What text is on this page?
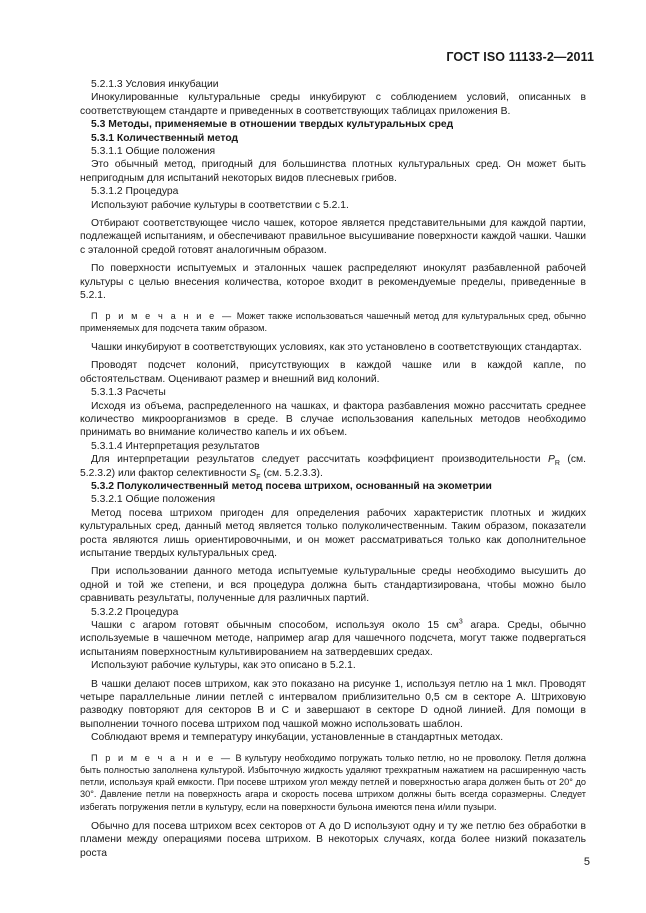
ГОСТ ISO 11133-2—2011

5.2.1.3 Условия инкубации

Инокулированные культуральные среды инкубируют с соблюдением условий, описанных в соответствующем стандарте и приведенных в соответствующих таблицах приложения В.

5.3 Методы, применяемые в отношении твердых культуральных сред

5.3.1 Количественный метод

5.3.1.1 Общие положения

Это обычный метод, пригодный для большинства плотных культуральных сред. Он может быть непригодным для испытаний некоторых видов плесневых грибов.

5.3.1.2 Процедура

Используют рабочие культуры в соответствии с 5.2.1.

Отбирают соответствующее число чашек, которое является представительными для каждой партии, подлежащей испытаниям, и обеспечивают правильное высушивание поверхности каждой чашки. Чашки с эталонной средой готовят аналогичным образом.

По поверхности испытуемых и эталонных чашек распределяют инокулят разбавленной рабочей культуры с целью внесения количества, которое входит в рекомендуемые пределы, приведенные в 5.2.1.

П р и м е ч а н и е — Может также использоваться чашечный метод для культуральных сред, обычно применяемых для подсчета таким образом.

Чашки инкубируют в соответствующих условиях, как это установлено в соответствующих стандартах.

Проводят подсчет колоний, присутствующих в каждой чашке или в каждой капле, по обстоятельствам. Оценивают размер и внешний вид колоний.

5.3.1.3 Расчеты

Исходя из объема, распределенного на чашках, и фактора разбавления можно рассчитать среднее количество микроорганизмов в среде. В случае использования капельных методов необходимо принимать во внимание количество капель и их объем.

5.3.1.4 Интерпретация результатов

Для интерпретации результатов следует рассчитать коэффициент производительности $P_R$ (см. 5.2.3.2) или фактор селективности $S_F$ (см. 5.2.3.3).

5.3.2 Полуколичественный метод посева штрихом, основанный на экометрии

5.3.2.1 Общие положения

Метод посева штрихом пригоден для определения рабочих характеристик плотных и жидких культуральных сред, данный метод является только полуколичественным. Таким образом, показатели роста являются лишь ориентировочными, и он может рассматриваться только как дополнительное испытание твердых культуральных сред.

При использовании данного метода испытуемые культуральные среды необходимо высушить до одной и той же степени, и вся процедура должна быть стандартизирована, чтобы можно было сравнивать результаты, полученные для различных партий.

5.3.2.2 Процедура

Чашки с агаром готовят обычным способом, используя около 15 $см^3$ агара. Среды, обычно используемые в чашечном методе, например агар для чашечного подсчета, могут также подвергаться испытаниям поверхностным культивированием на затвердевших средах.

Используют рабочие культуры, как это описано в 5.2.1.

В чашки делают посев штрихом, как это показано на рисунке 1, используя петлю на 1 мкл. Проводят четыре параллельные линии петлей с интервалом приблизительно 0,5 см в секторе А. Штриховую разводку повторяют для секторов В и С и завершают в секторе D одной линией. Для помощи в выполнении точного посева штрихом под чашкой можно использовать шаблон.

Соблюдают время и температуру инкубации, установленные в стандартных методах.

П р и м е ч а н и е — В культуру необходимо погружать только петлю, но не проволоку. Петля должна быть полностью заполнена культурой. Избыточную жидкость удаляют трехкратным нажатием на расширенную часть петли, используя край емкости. При посеве штрихом угол между петлей и поверхностью агара должен быть от 20° до 30°. Давление петли на поверхность агара и скорость посева штрихом должны быть всегда соразмерны. Следует избегать погружения петли в культуру, если на поверхности бульона имеются пена и/или пузыри.

Обычно для посева штрихом всех секторов от А до D используют одну и ту же петлю без обработки в пламени между операциями посева штрихом. В некоторых случаях, когда более низкий показатель роста

5
